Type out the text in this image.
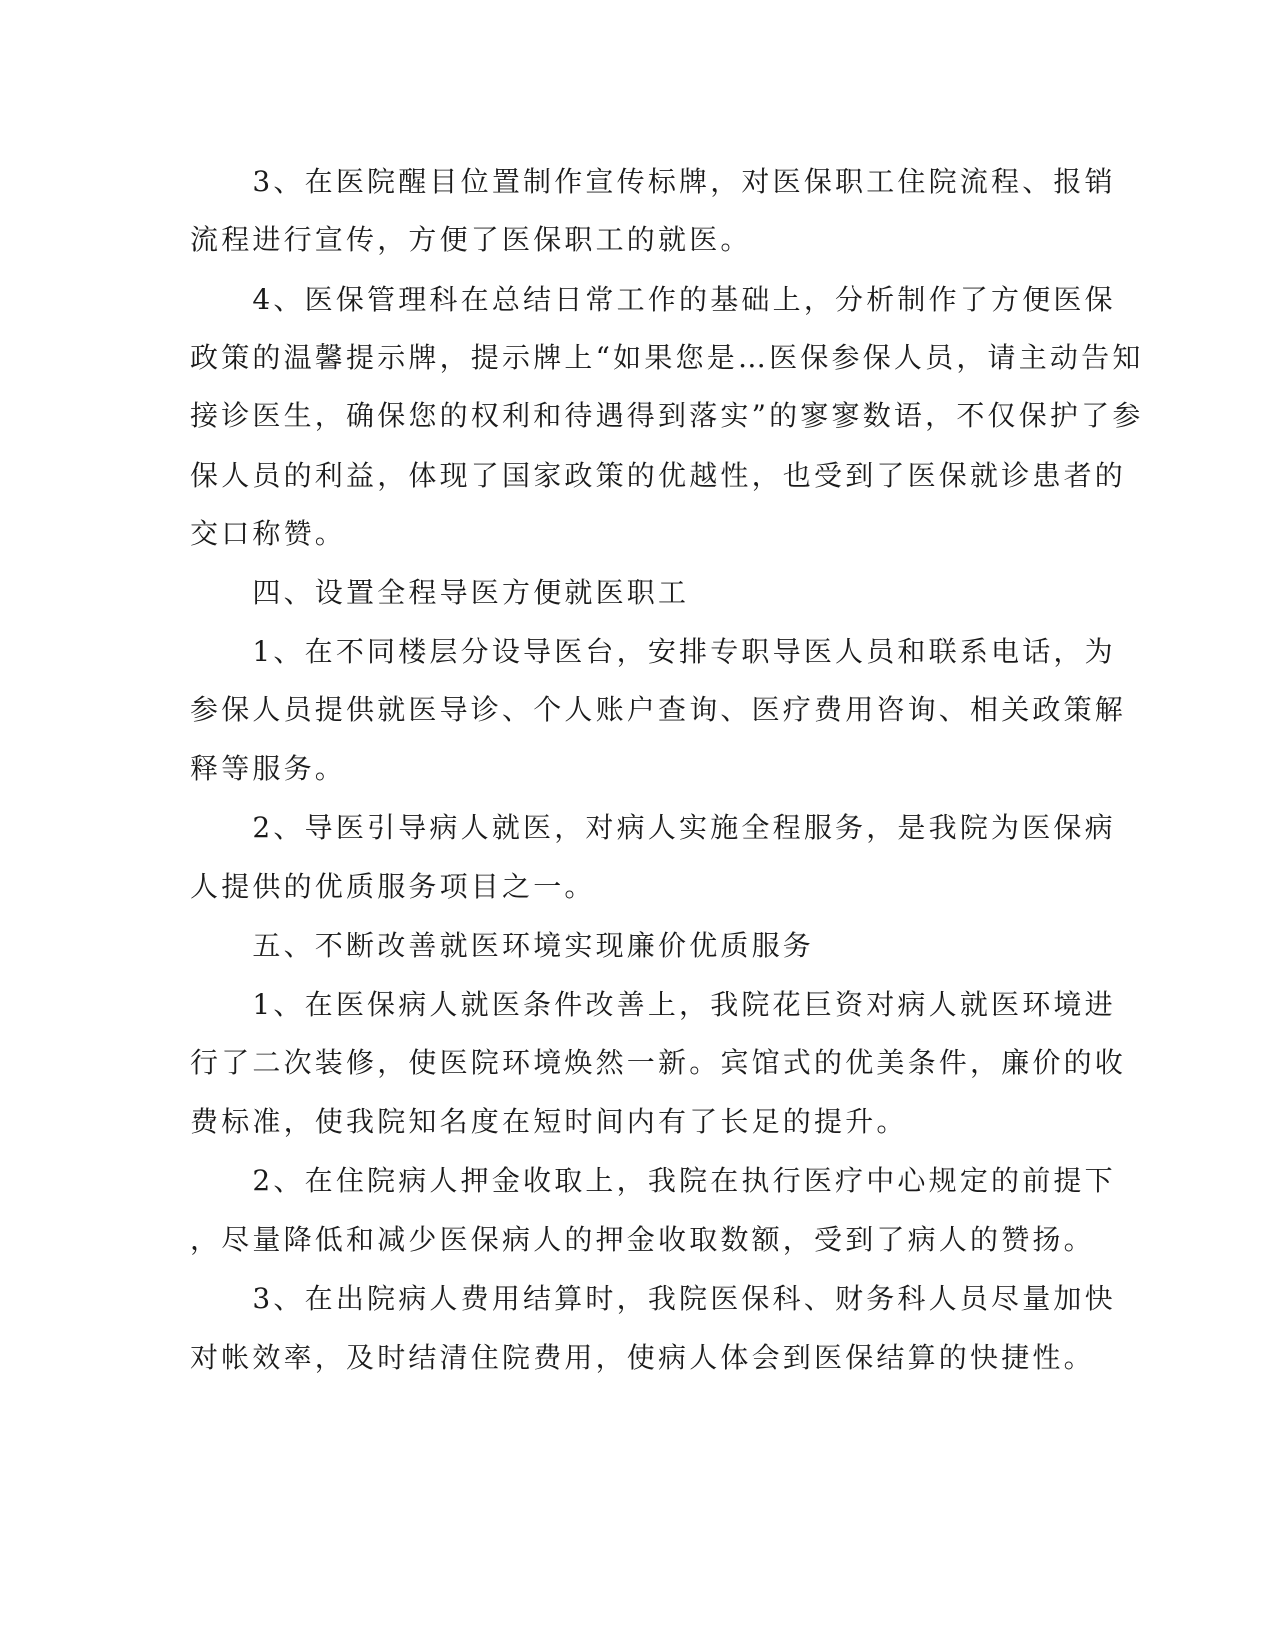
　　3、在医院醒目位置制作宣传标牌，对医保职工住院流程、报销
流程进行宣传，方便了医保职工的就医。
　　4、医保管理科在总结日常工作的基础上，分析制作了方便医保
政策的温馨提示牌，提示牌上“如果您是…医保参保人员，请主动告知
接诊医生，确保您的权利和待遇得到落实”的寥寥数语，不仅保护了参
保人员的利益，体现了国家政策的优越性，也受到了医保就诊患者的
交口称赞。
　　四、设置全程导医方便就医职工
　　1、在不同楼层分设导医台，安排专职导医人员和联系电话，为
参保人员提供就医导诊、个人账户查询、医疗费用咨询、相关政策解
释等服务。
　　2、导医引导病人就医，对病人实施全程服务，是我院为医保病
人提供的优质服务项目之一。
　　五、不断改善就医环境实现廉价优质服务
　　1、在医保病人就医条件改善上，我院花巨资对病人就医环境进
行了二次装修，使医院环境焕然一新。宾馆式的优美条件，廉价的收
费标准，使我院知名度在短时间内有了长足的提升。
　　2、在住院病人押金收取上，我院在执行医疗中心规定的前提下
，尽量降低和减少医保病人的押金收取数额，受到了病人的赞扬。
　　3、在出院病人费用结算时，我院医保科、财务科人员尽量加快
对帐效率，及时结清住院费用，使病人体会到医保结算的快捷性。
